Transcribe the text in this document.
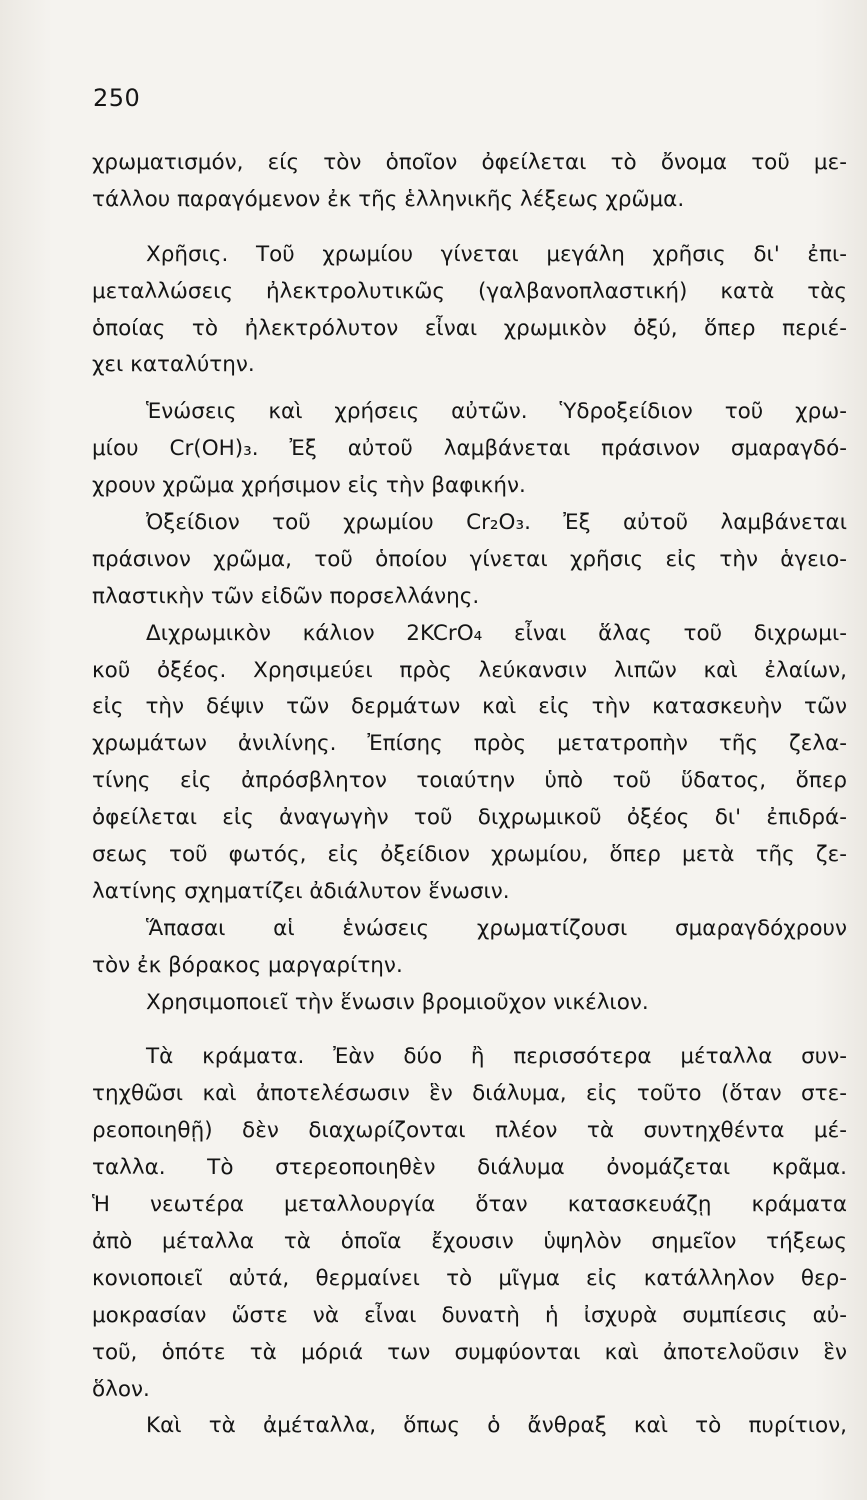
250
χρωματισμόν, είς τὸν ὁποῖον ὀφείλεται τὸ ὄνομα τοῦ με-
τάλλου παραγόμενον ἐκ τῆς ἑλληνικῆς λέξεως χρῶμα.
Χρῆσις. Τοῦ χρωμίου γίνεται μεγάλη χρῆσις δι' ἐπι-
μεταλλώσεις ἠλεκτρολυτικῶς (γαλβανοπλαστική) κατὰ τὰς
ὁποίας τὸ ἠλεκτρόλυτον εἶναι χρωμικὸν ὀξύ, ὅπερ περιέ-
χει καταλύτην.
Ἑνώσεις καὶ χρήσεις αὐτῶν. Ὑδροξείδιον τοῦ χρω-
μίου Cr(OH)₃. Ἐξ αὐτοῦ λαμβάνεται πράσινον σμαραγδό-
χρουν χρῶμα χρήσιμον εἰς τὴν βαφικήν.
Ὀξείδιον τοῦ χρωμίου Cr₂O₃. Ἐξ αὐτοῦ λαμβάνεται
πράσινον χρῶμα, τοῦ ὁποίου γίνεται χρῆσις εἰς τὴν ἁγειο-
πλαστικὴν τῶν εἰδῶν πορσελλάνης.
Διχρωμικὸν κάλιον 2KCrO₄ εἶναι ἅλας τοῦ διχρωμι-
κοῦ ὀξέος. Χρησιμεύει πρὸς λεύκανσιν λιπῶν καὶ ἐλαίων,
εἰς τὴν δέψιν τῶν δερμάτων καὶ εἰς τὴν κατασκευὴν τῶν
χρωμάτων ἀνιλίνης. Ἐπίσης πρὸς μετατροπὴν τῆς ζελα-
τίνης εἰς ἀπρόσβλητον τοιαύτην ὑπὸ τοῦ ὕδατος, ὅπερ
ὀφείλεται εἰς ἀναγωγὴν τοῦ διχρωμικοῦ ὀξέος δι' ἐπιδρά-
σεως τοῦ φωτός, εἰς ὀξείδιον χρωμίου, ὅπερ μετὰ τῆς ζε-
λατίνης σχηματίζει ἀδιάλυτον ἕνωσιν.
Ἅπασαι αἱ ἑνώσεις χρωματίζουσι σμαραγδόχρουν
τὸν ἐκ βόρακος μαργαρίτην.
Χρησιμοποιεῖ τὴν ἕνωσιν βρομιοῦχον νικέλιον.
Τὰ κράματα. Ἐὰν δύο ἢ περισσότερα μέταλλα συν-
τηχθῶσι καὶ ἀποτελέσωσιν ἓν διάλυμα, εἰς τοῦτο (ὅταν στε-
ρεοποιηθῇ) δὲν διαχωρίζονται πλέον τὰ συντηχθέντα μέ-
ταλλα. Τὸ στερεοποιηθὲν διάλυμα ὀνομάζεται κρᾶμα.
Ἡ νεωτέρα μεταλλουργία ὅταν κατασκευάζῃ κράματα
ἀπὸ μέταλλα τὰ ὁποῖα ἔχουσιν ὑψηλὸν σημεῖον τήξεως
κονιοποιεῖ αὐτά, θερμαίνει τὸ μῖγμα εἰς κατάλληλον θερ-
μοκρασίαν ὥστε νὰ εἶναι δυνατὴ ἡ ἰσχυρὰ συμπίεσις αὐ-
τοῦ, ὁπότε τὰ μόριά των συμφύονται καὶ ἀποτελοῦσιν ἓν
ὅλον.
Καὶ τὰ ἀμέταλλα, ὅπως ὁ ἄνθραξ καὶ τὸ πυρίτιον,
